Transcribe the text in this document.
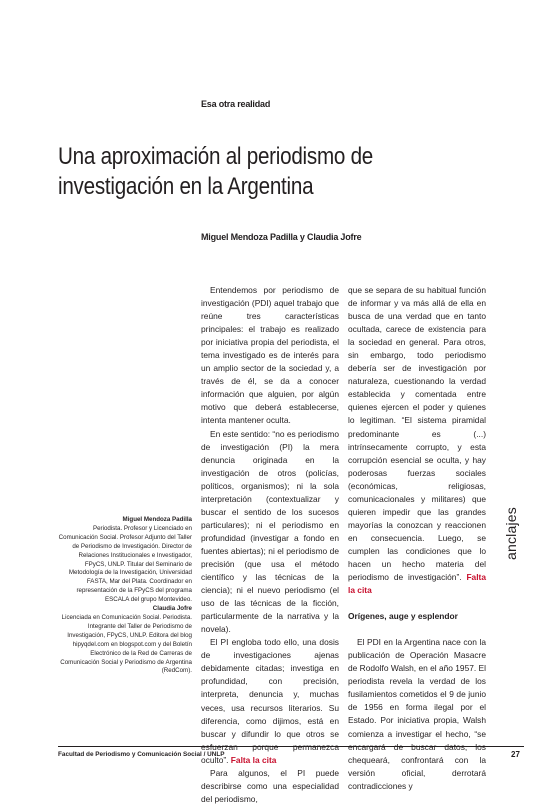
Esa otra realidad
Una aproximación al periodismo de investigación en la Argentina
Miguel Mendoza Padilla y Claudia Jofre

Entendemos por periodismo de investigación (PDI) aquel trabajo que reúne tres características principales: el trabajo es realizado por iniciativa propia del periodista, el tema investigado es de interés para un amplio sector de la sociedad y, a través de él, se da a conocer información que alguien, por algún motivo que deberá establecerse, intenta mantener oculta.

En este sentido: “no es periodismo de investigación (PI) la mera denuncia originada en la investigación de otros (policías, políticos, organismos); ni la sola interpretación (contextualizar y buscar el sentido de los sucesos particulares); ni el periodismo en profundidad (investigar a fondo en fuentes abiertas); ni el periodismo de precisión (que usa el método científico y las técnicas de la ciencia); ni el nuevo periodismo (el uso de las técnicas de la ficción, particularmente de la narrativa y la novela).

El PI engloba todo ello, una dosis de investigaciones ajenas debidamente citadas; investiga en profundidad, con precisión, interpreta, denuncia y, muchas veces, usa recursos literarios. Su diferencia, como dijimos, está en buscar y difundir lo que otros se esfuerzan porque permanezca oculto”. Falta la cita

Para algunos, el PI puede describirse como una especialidad del periodismo,

que se separa de su habitual función de informar y va más allá de ella en busca de una verdad que en tanto ocultada, carece de existencia para la sociedad en general. Para otros, sin embargo, todo periodismo debería ser de investigación por naturaleza, cuestionando la verdad establecida y comentada entre quienes ejercen el poder y quienes lo legitiman. “El sistema piramidal predominante es (...) intrínsecamente corrupto, y esta corrupción esencial se oculta, y hay poderosas fuerzas sociales (económicas, religiosas, comunicacionales y militares) que quieren impedir que las grandes mayorías la conozcan y reaccionen en consecuencia. Luego, se cumplen las condiciones que lo hacen un hecho materia del periodismo de investigación”. Falta la cita

Orígenes, auge y esplendor

El PDI en la Argentina nace con la publicación de Operación Masacre de Rodolfo Walsh, en el año 1957. El periodista revela la verdad de los fusilamientos cometidos el 9 de junio de 1956 en forma ilegal por el Estado. Por iniciativa propia, Walsh comienza a investigar el hecho, “se encargará de buscar datos, los chequeará, confrontará con la versión oficial, derrotará contradicciones y

Miguel Mendoza Padilla

Periodista. Profesor y Licenciado en Comunicación Social. Profesor Adjunto del Taller de Periodismo de Investigación. Director de Relaciones Institucionales e Investigador, FPyCS, UNLP. Titular del Seminario de Metodología de la Investigación, Universidad FASTA, Mar del Plata. Coordinador en representación de la FPyCS del programa ESCALA del grupo Montevideo.

Claudia Jofre

Licenciada en Comunicación Social. Periodista. Integrante del Taller de Periodismo de Investigación, FPyCS, UNLP. Editora del blog hipyqdel.com en blogspot.com y del Boletín Electrónico de la Red de Carreras de Comunicación Social y Periodismo de Argentina (RedCom).

anclajes
Facultad de Periodismo y Comunicación Social / UNLP	27
